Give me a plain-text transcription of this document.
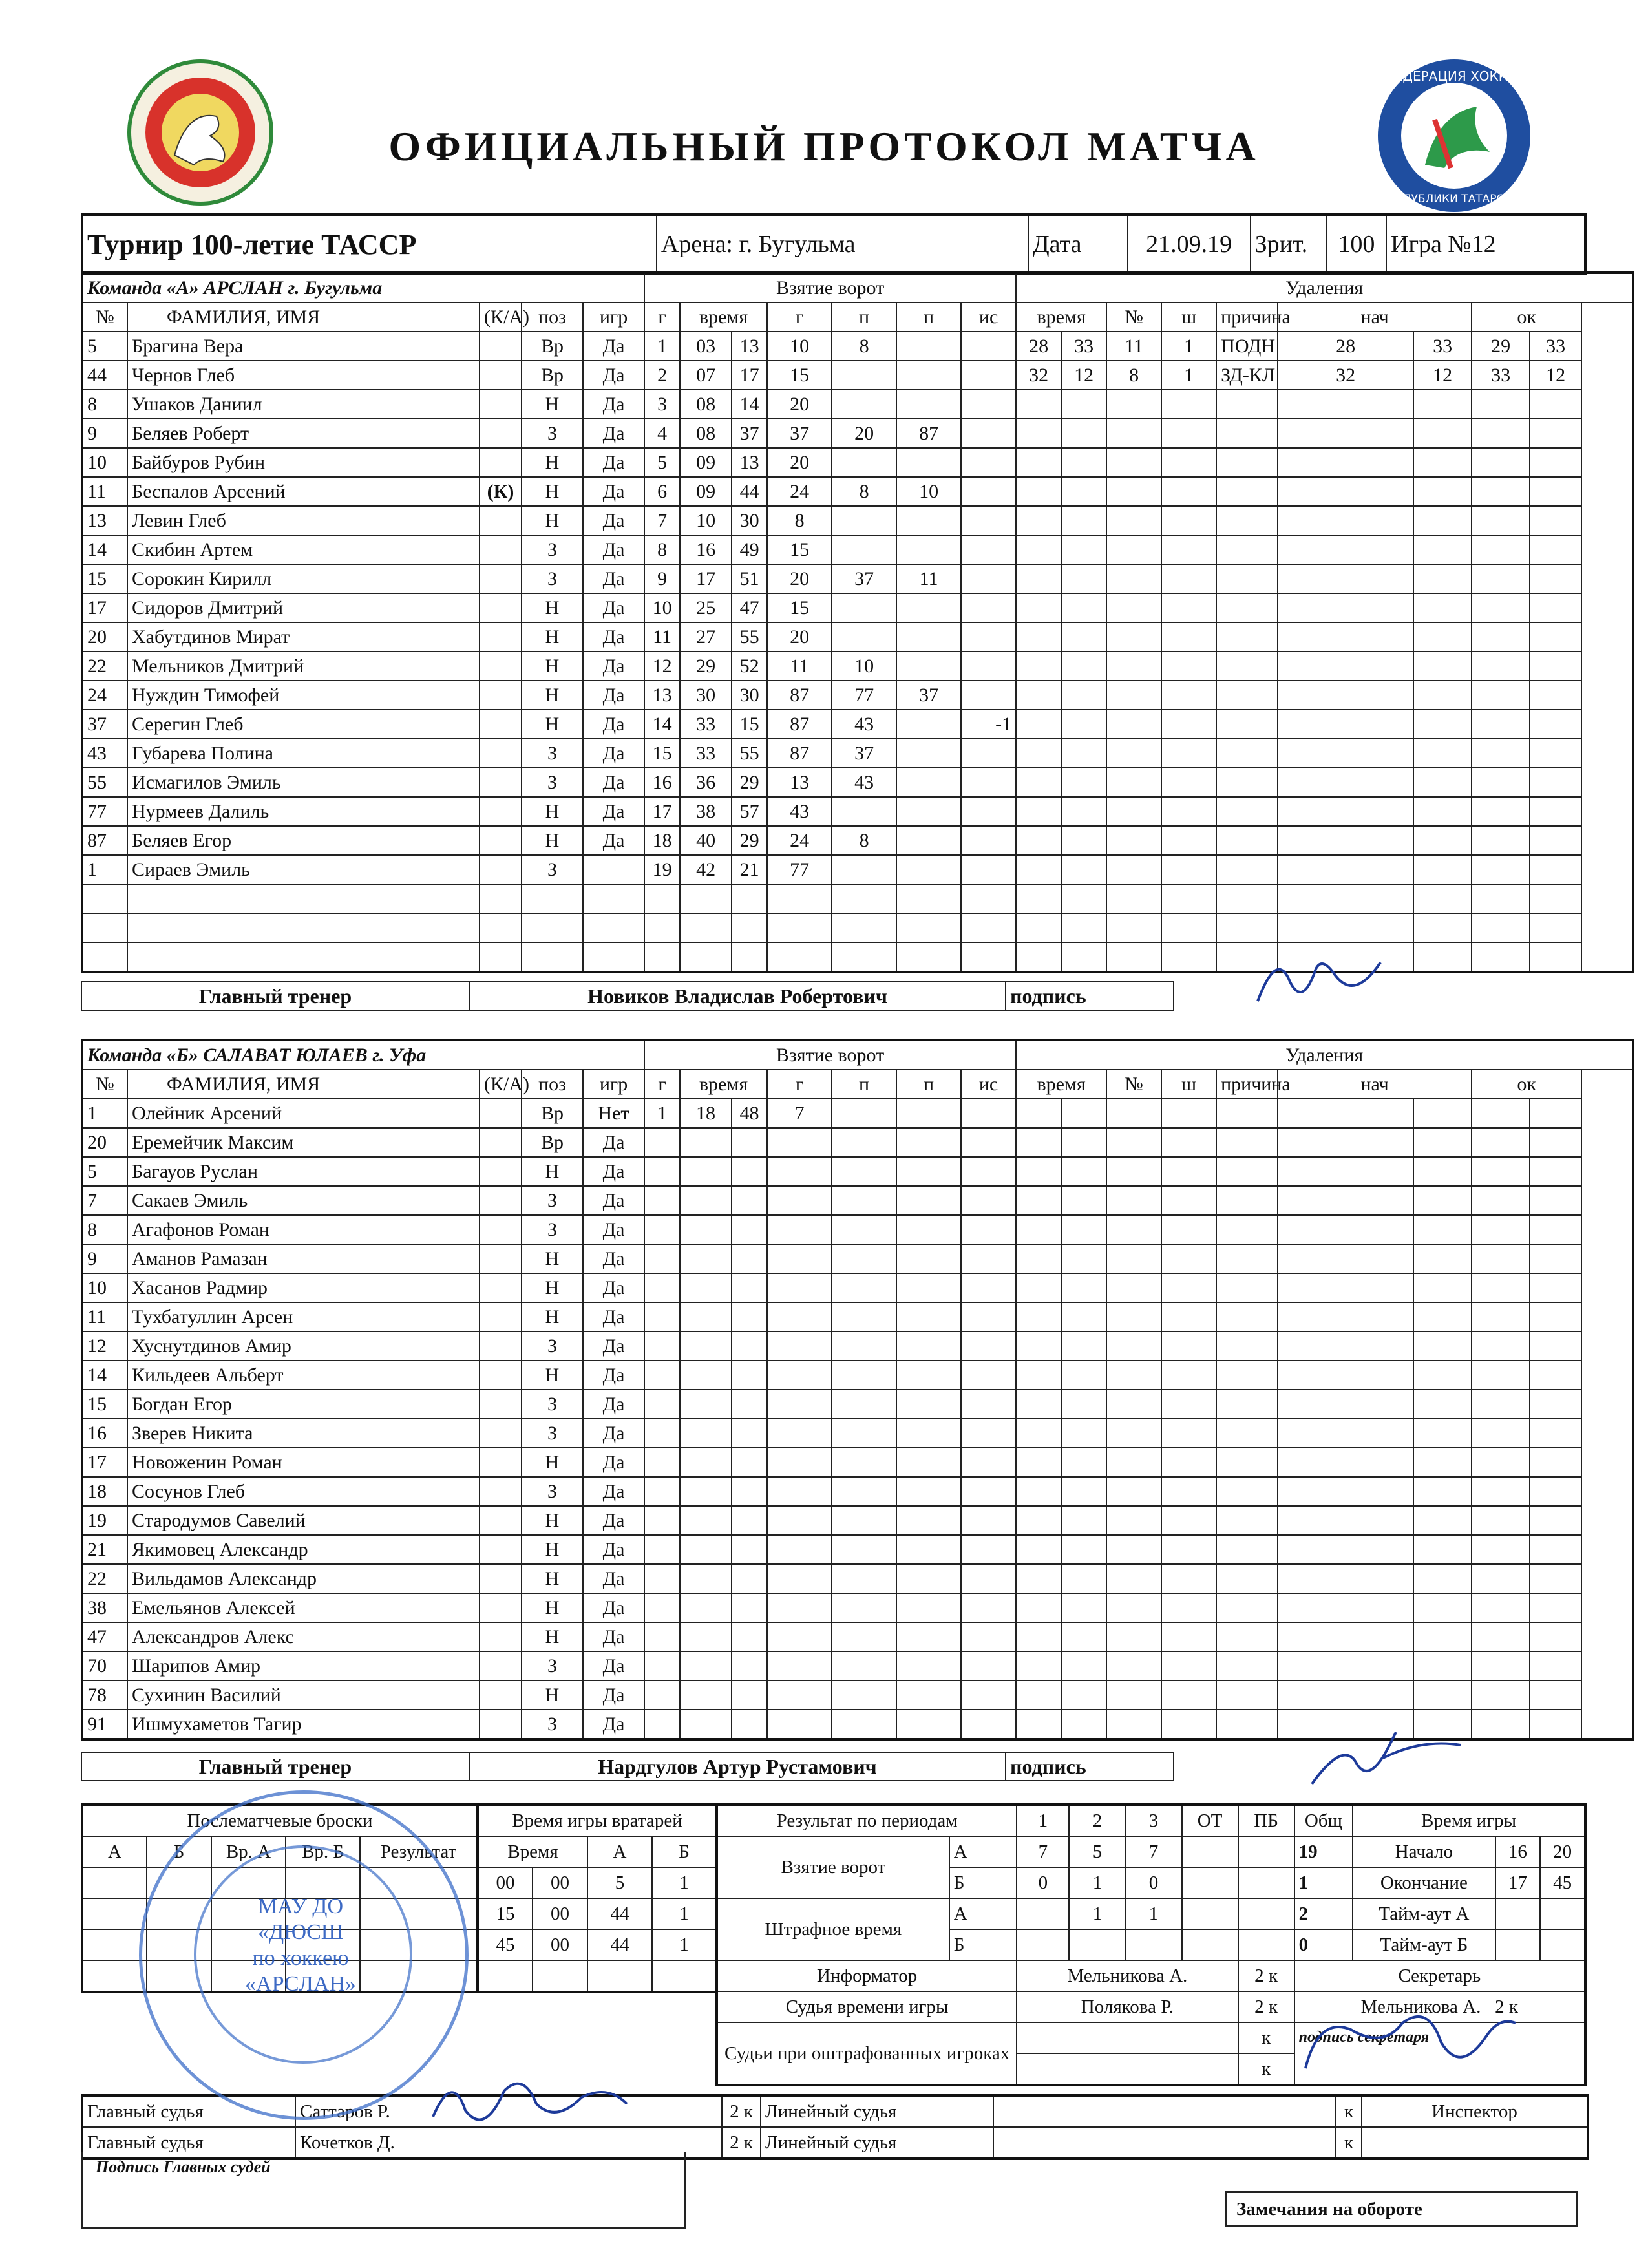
ФЕДЕРАЦИЯ ХОККЕЯ
РЕСПУБЛИКИ ТАТАРСТАН
ОФИЦИАЛЬНЫЙ ПРОТОКОЛ МАТЧА
Турнир 100-летие ТАССР	Арена: г. Бугульма	Дата	21.09.19	Зрит.	100	Игра №12
Команда «А» АРСЛАН г. Бугульма					Взятие ворот							Удаления								
№	ФАМИЛИЯ, ИМЯ	(К/А)	поз	игр	г	время		г	п	п	ис	время		№	ш	причина	нач		ок	
5	Брагина Вера		Вр	Да	1	03	13	10	8			28	33	11	1	ПОДН	28	33	29	33
44	Чернов Глеб		Вр	Да	2	07	17	15				32	12	8	1	ЗД-КЛ	32	12	33	12
8	Ушаков Даниил		Н	Да	3	08	14	20												
9	Беляев Роберт		З	Да	4	08	37	37	20	87										
10	Байбуров Рубин		Н	Да	5	09	13	20												
11	Беспалов Арсений	(К)	Н	Да	6	09	44	24	8	10										
13	Левин Глеб		Н	Да	7	10	30	8												
14	Скибин Артем		З	Да	8	16	49	15												
15	Сорокин Кирилл		З	Да	9	17	51	20	37	11										
17	Сидоров Дмитрий		Н	Да	10	25	47	15												
20	Хабутдинов Мират		Н	Да	11	27	55	20												
22	Мельников Дмитрий		Н	Да	12	29	52	11	10											
24	Нуждин Тимофей		Н	Да	13	30	30	87	77	37										
37	Серегин Глеб		Н	Да	14	33	15	87	43		-1									
43	Губарева Полина		З	Да	15	33	55	87	37											
55	Исмагилов Эмиль		З	Да	16	36	29	13	43											
77	Нурмеев Далиль		Н	Да	17	38	57	43												
87	Беляев Егор		Н	Да	18	40	29	24	8											
1	Сираев Эмиль		З		19	42	21	77												

Главный тренер	Новиков Владислав Робертович	подпись	
Команда «Б» САЛАВАТ ЮЛАЕВ г. Уфа					Взятие ворот							Удаления								
№	ФАМИЛИЯ, ИМЯ	(К/А)	поз	игр	г	время		г	п	п	ис	время		№	ш	причина	нач		ок	
1	Олейник Арсений		Вр	Нет	1	18	48	7												
20	Еремейчик Максим		Вр	Да																
5	Багауов Руслан		Н	Да																
7	Сакаев Эмиль		З	Да																
8	Агафонов Роман		З	Да																
9	Аманов Рамазан		Н	Да																
10	Хасанов Радмир		Н	Да																
11	Тухбатуллин Арсен		Н	Да																
12	Хуснутдинов Амир		З	Да																
14	Кильдеев Альберт		Н	Да																
15	Богдан Егор		З	Да																
16	Зверев Никита		З	Да																
17	Новоженин Роман		Н	Да																
18	Сосунов Глеб		З	Да																
19	Стародумов Савелий		Н	Да																
21	Якимовец Александр		Н	Да																
22	Вильдамов Александр		Н	Да																
38	Емельянов Алексей		Н	Да																
47	Александров Алекс		Н	Да																
70	Шарипов Амир		З	Да																
78	Сухинин Василий		Н	Да																
91	Ишмухаметов Тагир		З	Да																
Главный тренер	Нардгулов Артур Рустамович	подпись	
Послематчевые броски				
А	Б	Вр. А	Вр. Б	Результат

Время игры вратарей			
Время		А	Б
00	00	5	1
15	00	44	1
45	00	44	1

Результат по периодам		1	2	3	ОТ	ПБ	Общ	Время игры		
Взятие ворот	А	7	5	7			19	Начало	16	20
	Б	0	1	0			1	Окончание	17	45
Штрафное время	А		1	1			2	Тайм-аут А		
	Б						0	Тайм-аут Б		
Информатор		Мельникова А.				2 к	Секретарь			
Судья времени игры		Полякова Р.				2 к	Мельникова А. 2 к			
Судьи при оштрафованных игроках						к	подпись секретаря			
						к				
Главный судья	Саттаров Р.	2 к	Линейный судья		к	Инспектор
Главный судья	Кочетков Д.	2 к	Линейный судья		к	
Подпись Главных судей
Замечания на обороте
МАУ ДО
«ДЮСШ
по хоккею
«АРСЛАН»
